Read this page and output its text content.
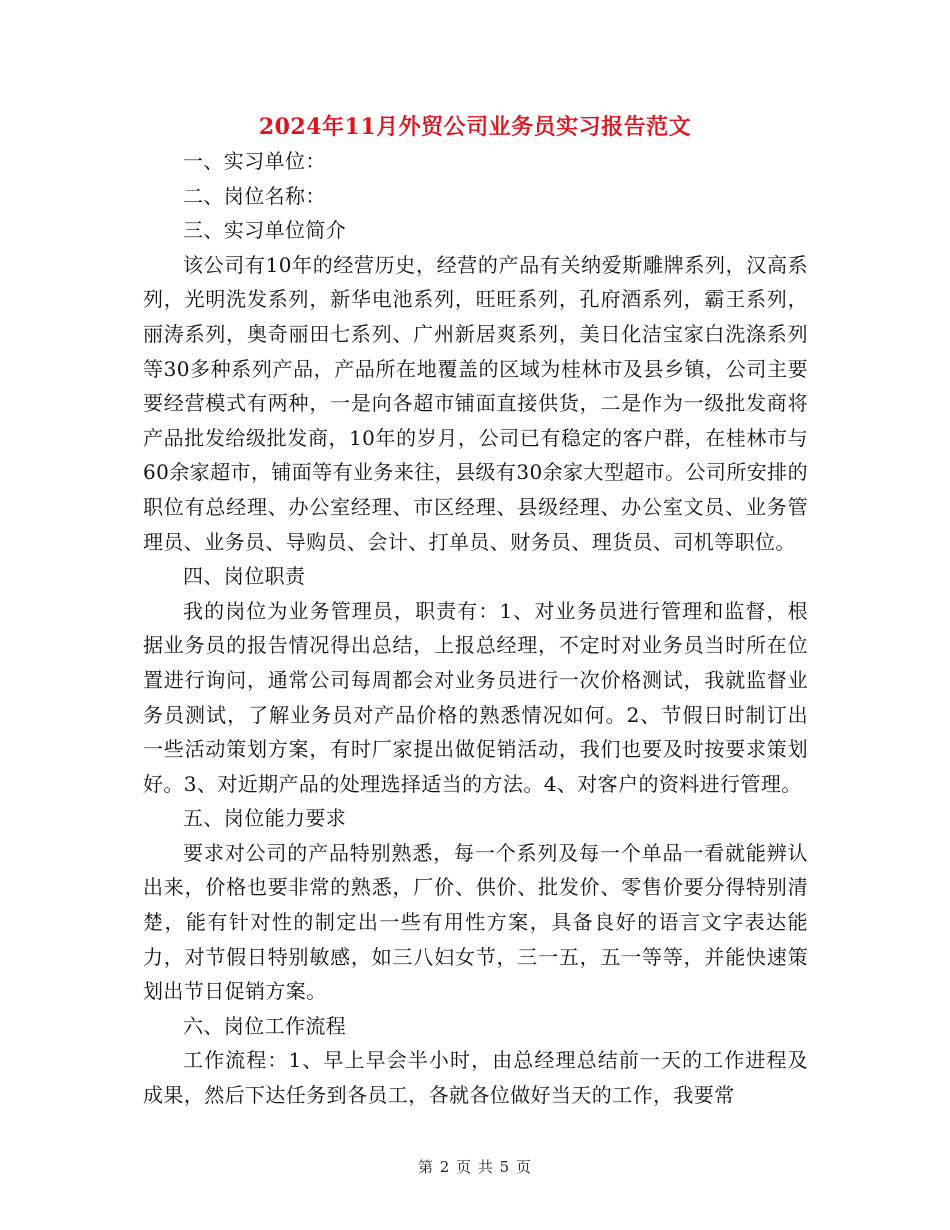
2024年11月外贸公司业务员实习报告范文

一、实习单位：

二、岗位名称：

三、实习单位简介

该公司有10年的经营历史，经营的产品有关纳爱斯雕牌系列，汉高系列，光明洗发系列，新华电池系列，旺旺系列，孔府酒系列，霸王系列，丽涛系列，奥奇丽田七系列、广州新居爽系列，美日化洁宝家白洗涤系列等30多种系列产品，产品所在地覆盖的区域为桂林市及县乡镇，公司主要要经营模式有两种，一是向各超市铺面直接供货，二是作为一级批发商将产品批发给级批发商，10年的岁月，公司已有稳定的客户群，在桂林市与60余家超市，铺面等有业务来往，县级有30余家大型超市。公司所安排的职位有总经理、办公室经理、市区经理、县级经理、办公室文员、业务管理员、业务员、导购员、会计、打单员、财务员、理货员、司机等职位。

四、岗位职责

我的岗位为业务管理员，职责有：1、对业务员进行管理和监督，根据业务员的报告情况得出总结，上报总经理，不定时对业务员当时所在位置进行询问，通常公司每周都会对业务员进行一次价格测试，我就监督业务员测试，了解业务员对产品价格的熟悉情况如何。2、节假日时制订出一些活动策划方案，有时厂家提出做促销活动，我们也要及时按要求策划好。3、对近期产品的处理选择适当的方法。4、对客户的资料进行管理。

五、岗位能力要求

要求对公司的产品特别熟悉，每一个系列及每一个单品一看就能辨认出来，价格也要非常的熟悉，厂价、供价、批发价、零售价要分得特别清楚，能有针对性的制定出一些有用性方案，具备良好的语言文字表达能力，对节假日特别敏感，如三八妇女节，三一五，五一等等，并能快速策划出节日促销方案。

六、岗位工作流程

工作流程：1、早上早会半小时，由总经理总结前一天的工作进程及成果，然后下达任务到各员工，各就各位做好当天的工作，我要常

第 2 页 共 5 页
